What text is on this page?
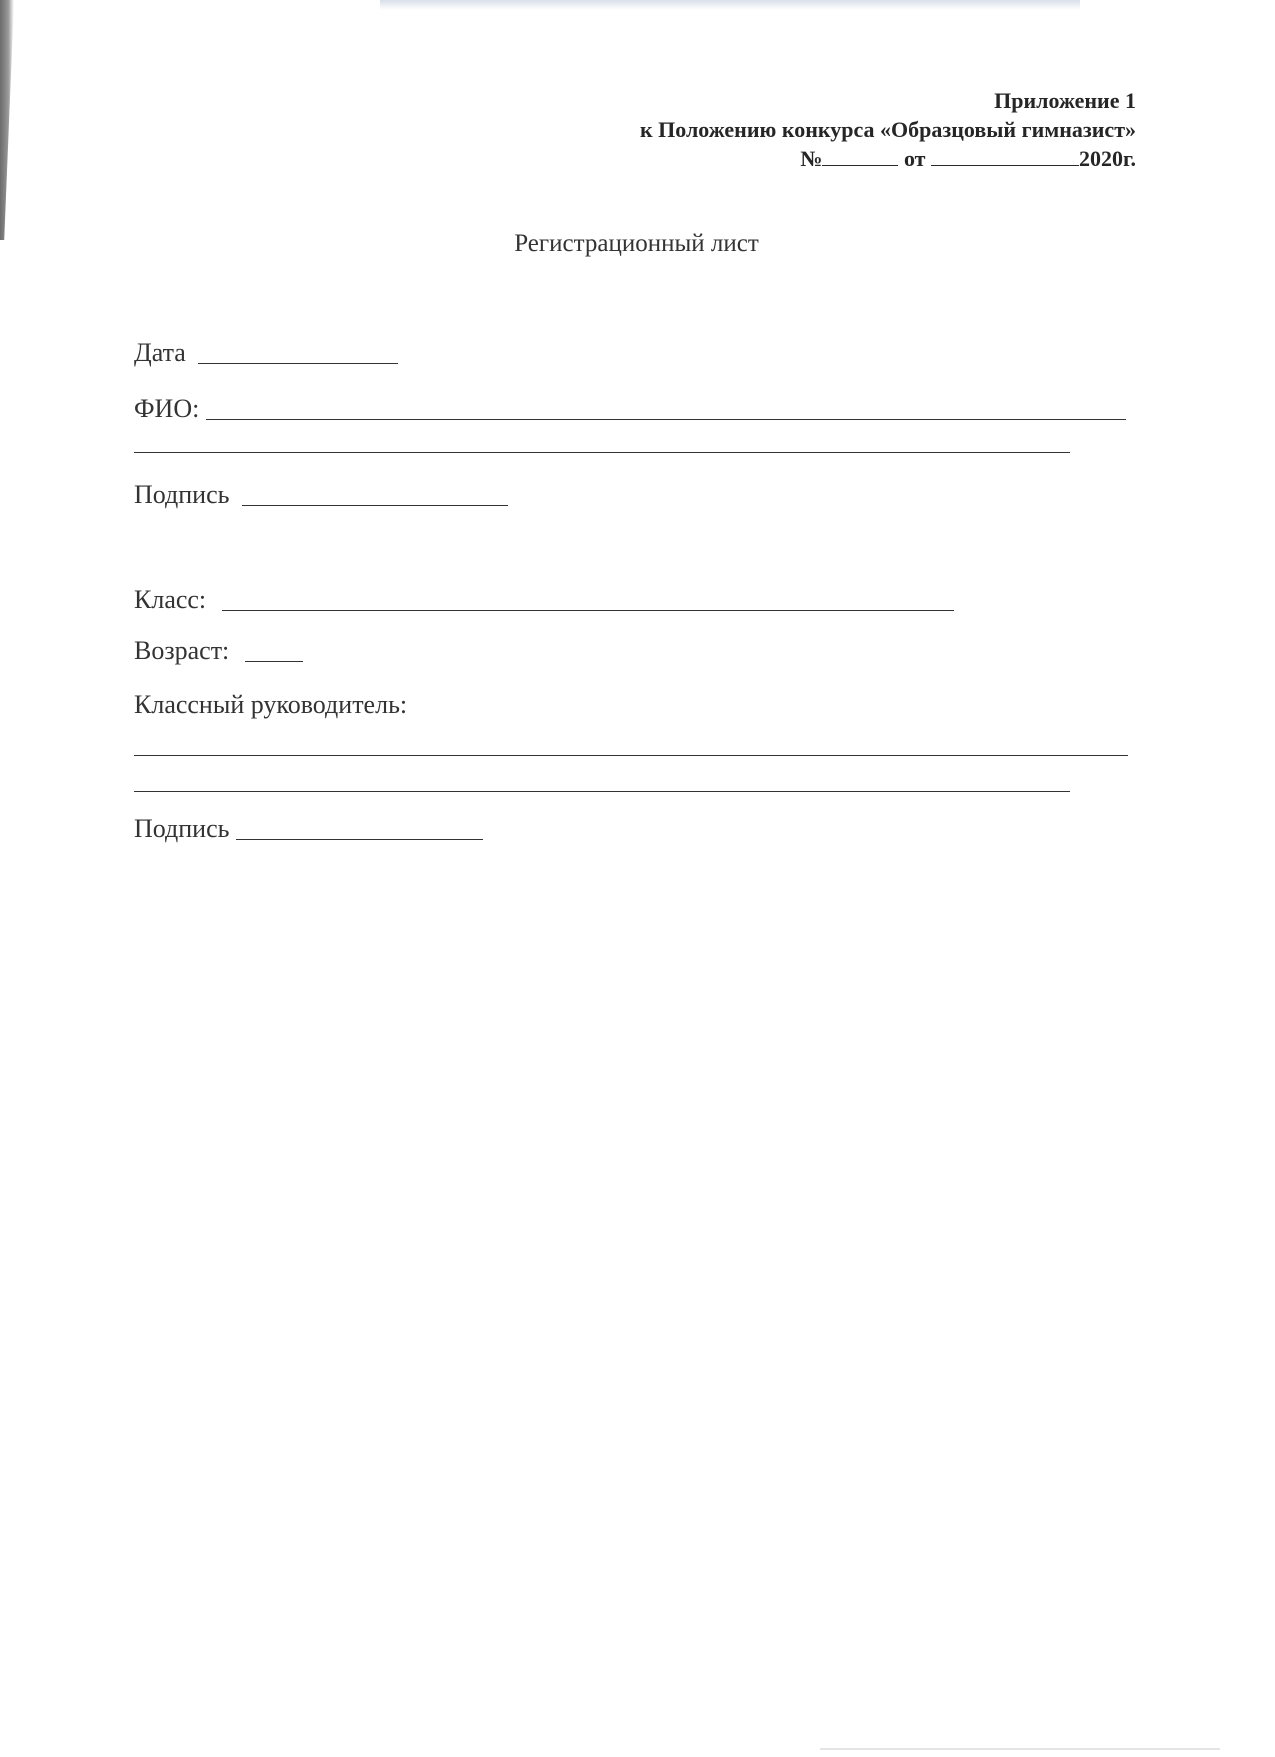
Приложение 1
к Положению конкурса «Образцовый гимназист»
№	от	2020г.
Регистрационный лист
Дата
ФИО:
Подпись
Класс:
Возраст:
Классный руководитель:
Подпись
